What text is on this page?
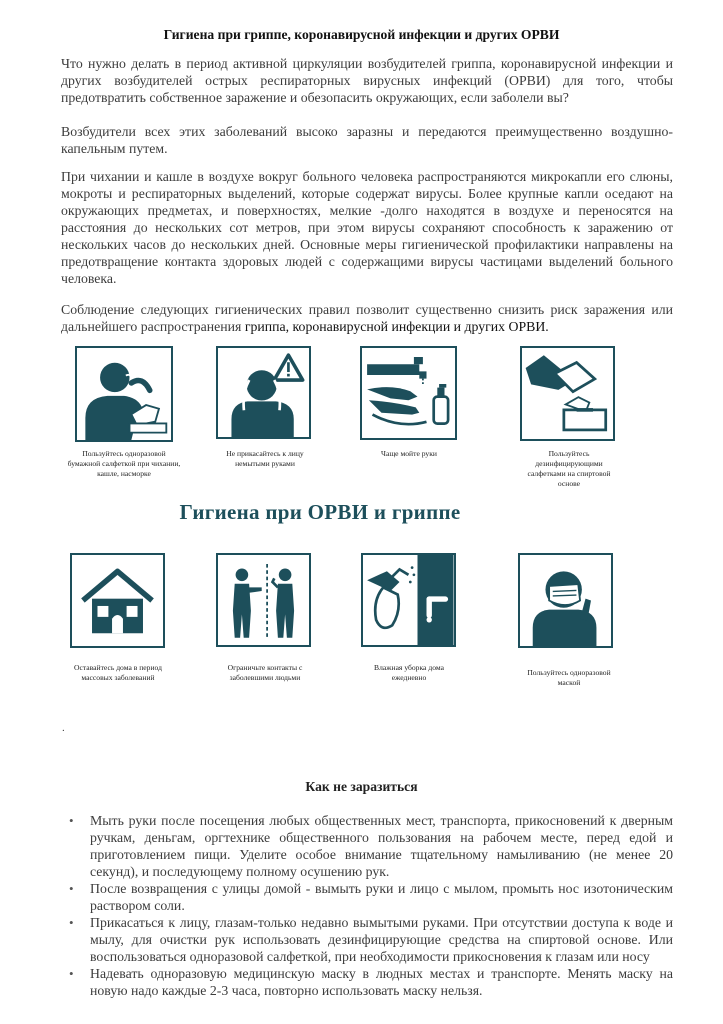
Гигиена при гриппе, коронавирусной инфекции и других ОРВИ

Что нужно делать в период активной циркуляции возбудителей гриппа, коронавирусной инфекции и других возбудителей острых респираторных вирусных инфекций (ОРВИ) для того, чтобы предотвратить собственное заражение и обезопасить окружающих, если заболели вы?

Возбудители всех этих заболеваний высоко заразны и передаются преимущественно воздушно-капельным путем.

При чихании и кашле в воздухе вокруг больного человека распространяются микрокапли его слюны, мокроты и респираторных выделений, которые содержат вирусы. Более крупные капли оседают на окружающих предметах, и поверхностях, мелкие -долго находятся в воздухе и переносятся на расстояния до нескольких сот метров, при этом вирусы сохраняют способность к заражению от нескольких часов до нескольких дней. Основные меры гигиенической профилактики направлены на предотвращение контакта здоровых людей с содержащими вирусы частицами выделений больного человека.

Соблюдение следующих гигиенических правил позволит существенно снизить риск заражения или дальнейшего распространения гриппа, коронавирусной инфекции и других ОРВИ.

Пользуйтесь одноразовой бумажной салфеткой при чихании, кашле, насморке
Не прикасайтесь к лицу немытыми руками
Чаще мойте руки	Пользуйтесь дезинфицирующими салфетками на спиртовой основе
Гигиена при ОРВИ и гриппе
Оставайтесь дома в период массовых заболеваний
Ограничьте контакты с заболевшими людьми
Влажная уборка дома ежедневно
Пользуйтесь одноразовой маской
.
Как не заразиться
• Мыть руки после посещения любых общественных мест, транспорта, прикосновений к дверным ручкам, деньгам, оргтехнике общественного пользования на рабочем месте, перед едой и приготовлением пищи. Уделите особое внимание тщательному намыливанию (не менее 20 секунд), и последующему полному осушению рук.
• После возвращения с улицы домой - вымыть руки и лицо с мылом, промыть нос изотоническим раствором соли.
• Прикасаться к лицу, глазам-только недавно вымытыми руками. При отсутствии доступа к воде и мылу, для очистки рук использовать дезинфицирующие средства на спиртовой основе. Или воспользоваться одноразовой салфеткой, при необходимости прикосновения к глазам или носу
• Надевать одноразовую медицинскую маску в людных местах и транспорте. Менять маску на новую надо каждые 2-3 часа, повторно использовать маску нельзя.
